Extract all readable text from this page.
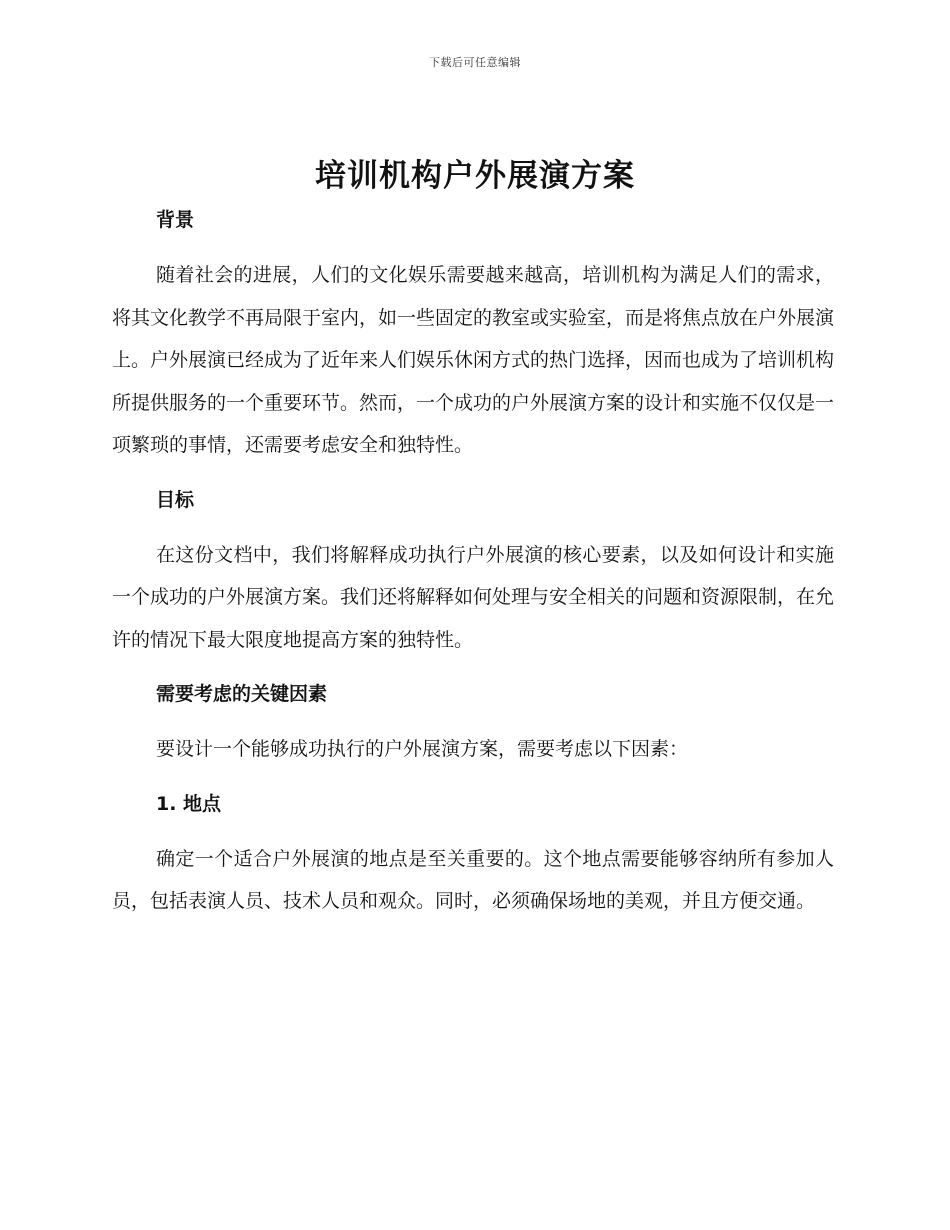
下载后可任意编辑
培训机构户外展演方案
背景

随着社会的进展，人们的文化娱乐需要越来越高，培训机构为满足人们的需求，将其文化教学不再局限于室内，如一些固定的教室或实验室，而是将焦点放在户外展演上。户外展演已经成为了近年来人们娱乐休闲方式的热门选择，因而也成为了培训机构所提供服务的一个重要环节。然而，一个成功的户外展演方案的设计和实施不仅仅是一项繁琐的事情，还需要考虑安全和独特性。

目标

在这份文档中，我们将解释成功执行户外展演的核心要素，以及如何设计和实施一个成功的户外展演方案。我们还将解释如何处理与安全相关的问题和资源限制，在允许的情况下最大限度地提高方案的独特性。

需要考虑的关键因素

要设计一个能够成功执行的户外展演方案，需要考虑以下因素：

1. 地点

确定一个适合户外展演的地点是至关重要的。这个地点需要能够容纳所有参加人员，包括表演人员、技术人员和观众。同时，必须确保场地的美观，并且方便交通。
